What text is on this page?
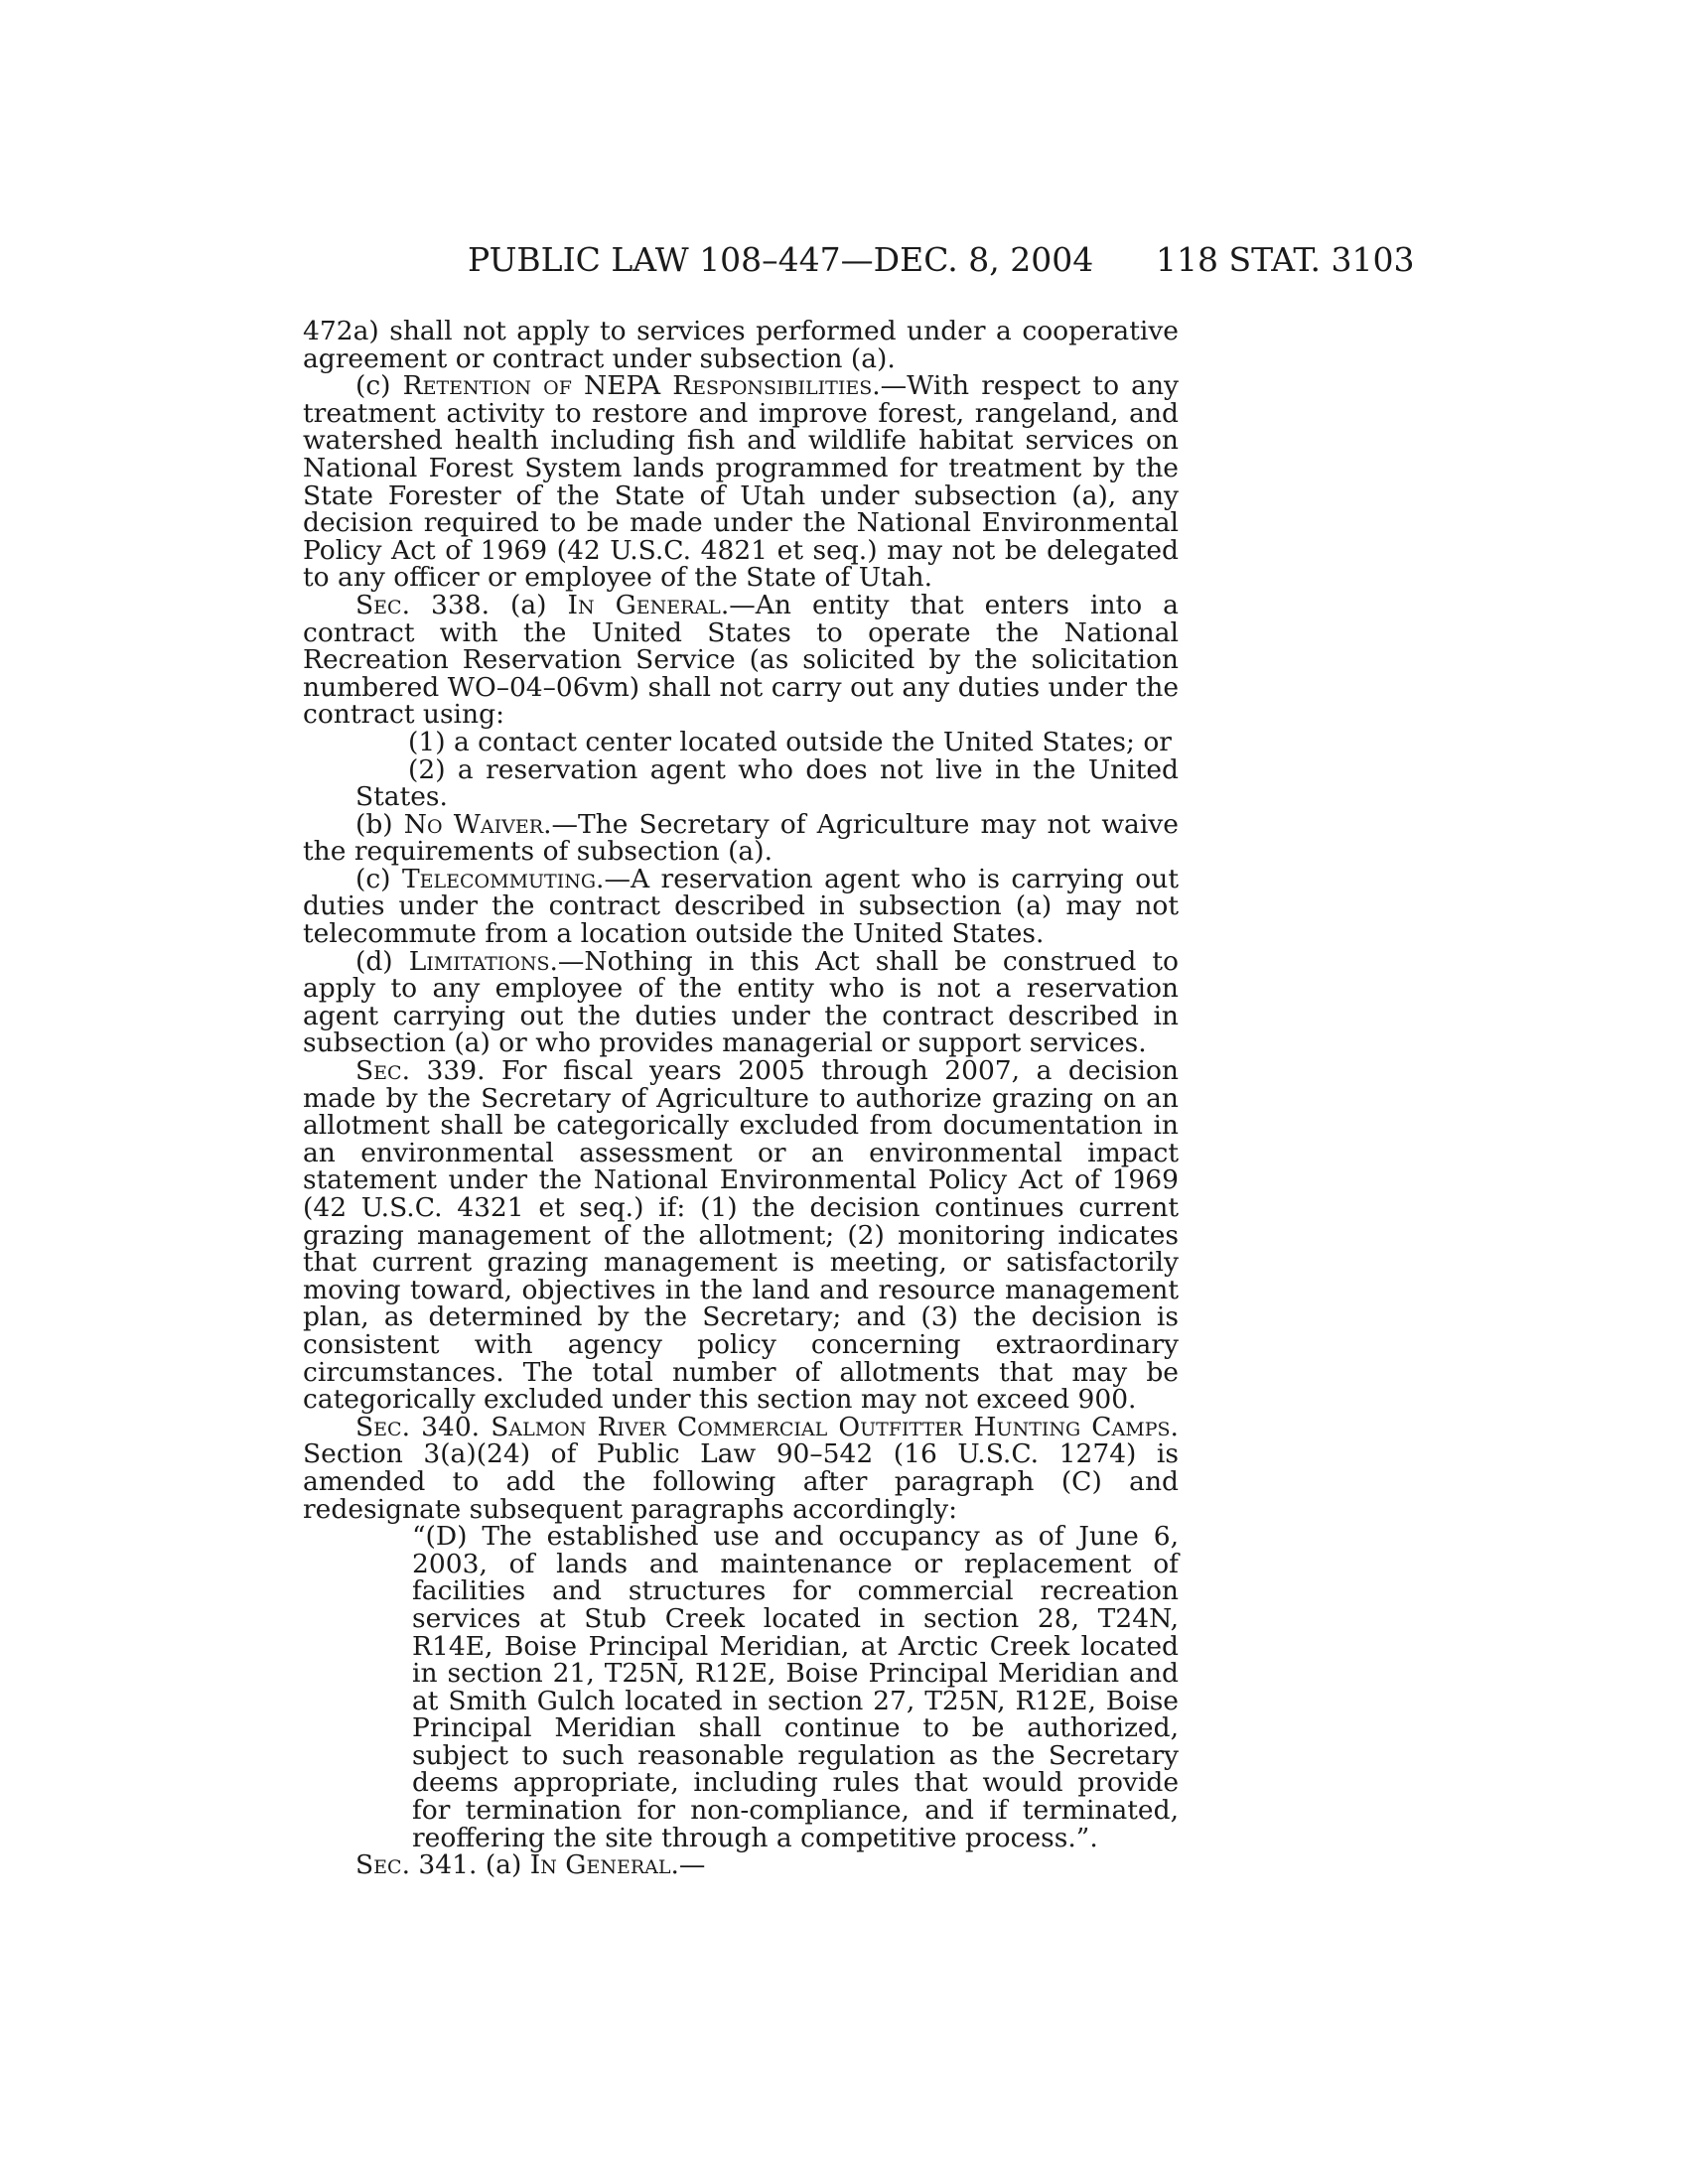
PUBLIC LAW 108–447—DEC. 8, 2004 118 STAT. 3103

472a) shall not apply to services performed under a cooperative agreement or contract under subsection (a).

(c) Retention of NEPA Responsibilities.—With respect to any treatment activity to restore and improve forest, rangeland, and watershed health including fish and wildlife habitat services on National Forest System lands programmed for treatment by the State Forester of the State of Utah under subsection (a), any decision required to be made under the National Environmental Policy Act of 1969 (42 U.S.C. 4821 et seq.) may not be delegated to any officer or employee of the State of Utah.

Sec. 338. (a) In General.—An entity that enters into a contract with the United States to operate the National Recreation Reservation Service (as solicited by the solicitation numbered WO–04–06vm) shall not carry out any duties under the contract using:

(1) a contact center located outside the United States; or

(2) a reservation agent who does not live in the United States.

(b) No Waiver.—The Secretary of Agriculture may not waive the requirements of subsection (a).

(c) Telecommuting.—A reservation agent who is carrying out duties under the contract described in subsection (a) may not telecommute from a location outside the United States.

(d) Limitations.—Nothing in this Act shall be construed to apply to any employee of the entity who is not a reservation agent carrying out the duties under the contract described in subsection (a) or who provides managerial or support services.

Sec. 339. For fiscal years 2005 through 2007, a decision made by the Secretary of Agriculture to authorize grazing on an allotment shall be categorically excluded from documentation in an environmental assessment or an environmental impact statement under the National Environmental Policy Act of 1969 (42 U.S.C. 4321 et seq.) if: (1) the decision continues current grazing management of the allotment; (2) monitoring indicates that current grazing management is meeting, or satisfactorily moving toward, objectives in the land and resource management plan, as determined by the Secretary; and (3) the decision is consistent with agency policy concerning extraordinary circumstances. The total number of allotments that may be categorically excluded under this section may not exceed 900.

Sec. 340. Salmon River Commercial Outfitter Hunting Camps. Section 3(a)(24) of Public Law 90–542 (16 U.S.C. 1274) is amended to add the following after paragraph (C) and redesignate subsequent paragraphs accordingly:

“(D) The established use and occupancy as of June 6, 2003, of lands and maintenance or replacement of facilities and structures for commercial recreation services at Stub Creek located in section 28, T24N, R14E, Boise Principal Meridian, at Arctic Creek located in section 21, T25N, R12E, Boise Principal Meridian and at Smith Gulch located in section 27, T25N, R12E, Boise Principal Meridian shall continue to be authorized, subject to such reasonable regulation as the Secretary deems appropriate, including rules that would provide for termination for non-compliance, and if terminated, reoffering the site through a competitive process.”.

Sec. 341. (a) In General.—
